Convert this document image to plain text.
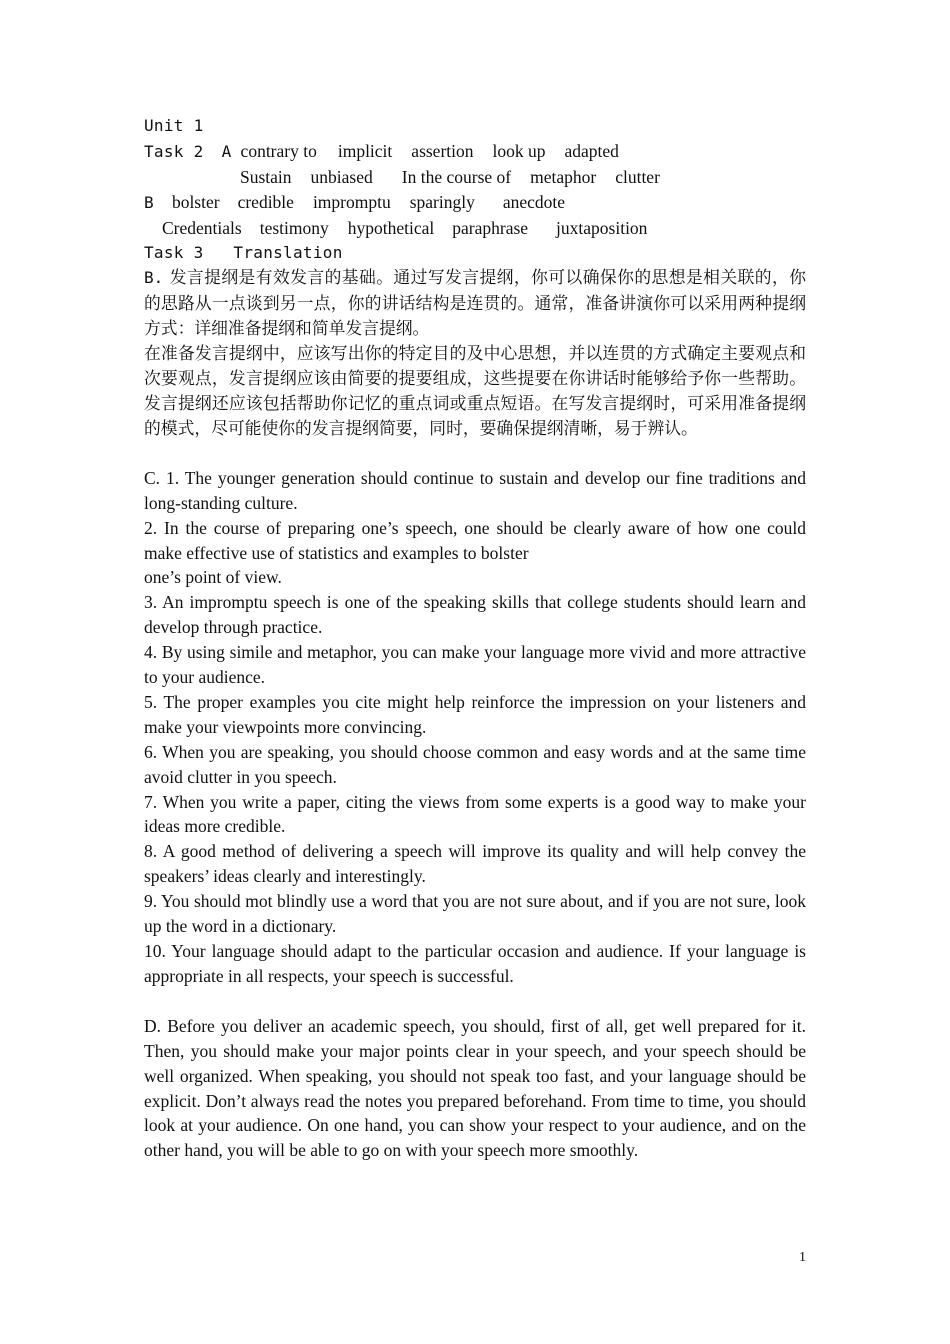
Unit 1
Task 2 A contrary to implicit assertion look up adapted
Sustain unbiased In the course of metaphor clutter
B bolster credible impromptu sparingly anecdote
Credentials testimony hypothetical paraphrase juxtaposition
Task 3   Translation
B. 发言提纲是有效发言的基础。通过写发言提纲，你可以确保你的思想是相关联的，你的思路从一点谈到另一点，你的讲话结构是连贯的。通常，准备讲演你可以采用两种提纲方式：详细准备提纲和简单发言提纲。
在准备发言提纲中，应该写出你的特定目的及中心思想，并以连贯的方式确定主要观点和次要观点，发言提纲应该由简要的提要组成，这些提要在你讲话时能够给予你一些帮助。发言提纲还应该包括帮助你记忆的重点词或重点短语。在写发言提纲时，可采用准备提纲的模式，尽可能使你的发言提纲简要，同时，要确保提纲清晰，易于辨认。
C. 1. The younger generation should continue to sustain and develop our fine traditions and long-standing culture.
2. In the course of preparing one’s speech, one should be clearly aware of how one could make effective use of statistics and examples to bolster
one’s point of view.
3. An impromptu speech is one of the speaking skills that college students should learn and develop through practice.
4. By using simile and metaphor, you can make your language more vivid and more attractive to your audience.
5. The proper examples you cite might help reinforce the impression on your listeners and make your viewpoints more convincing.
6. When you are speaking, you should choose common and easy words and at the same time avoid clutter in you speech.
7. When you write a paper, citing the views from some experts is a good way to make your ideas more credible.
8. A good method of delivering a speech will improve its quality and will help convey the speakers’ ideas clearly and interestingly.
9. You should mot blindly use a word that you are not sure about, and if you are not sure, look up the word in a dictionary.
10. Your language should adapt to the particular occasion and audience. If your language is appropriate in all respects, your speech is successful.
D. Before you deliver an academic speech, you should, first of all, get well prepared for it. Then, you should make your major points clear in your speech, and your speech should be well organized. When speaking, you should not speak too fast, and your language should be explicit. Don’t always read the notes you prepared beforehand. From time to time, you should look at your audience. On one hand, you can show your respect to your audience, and on the other hand, you will be able to go on with your speech more smoothly.
1
